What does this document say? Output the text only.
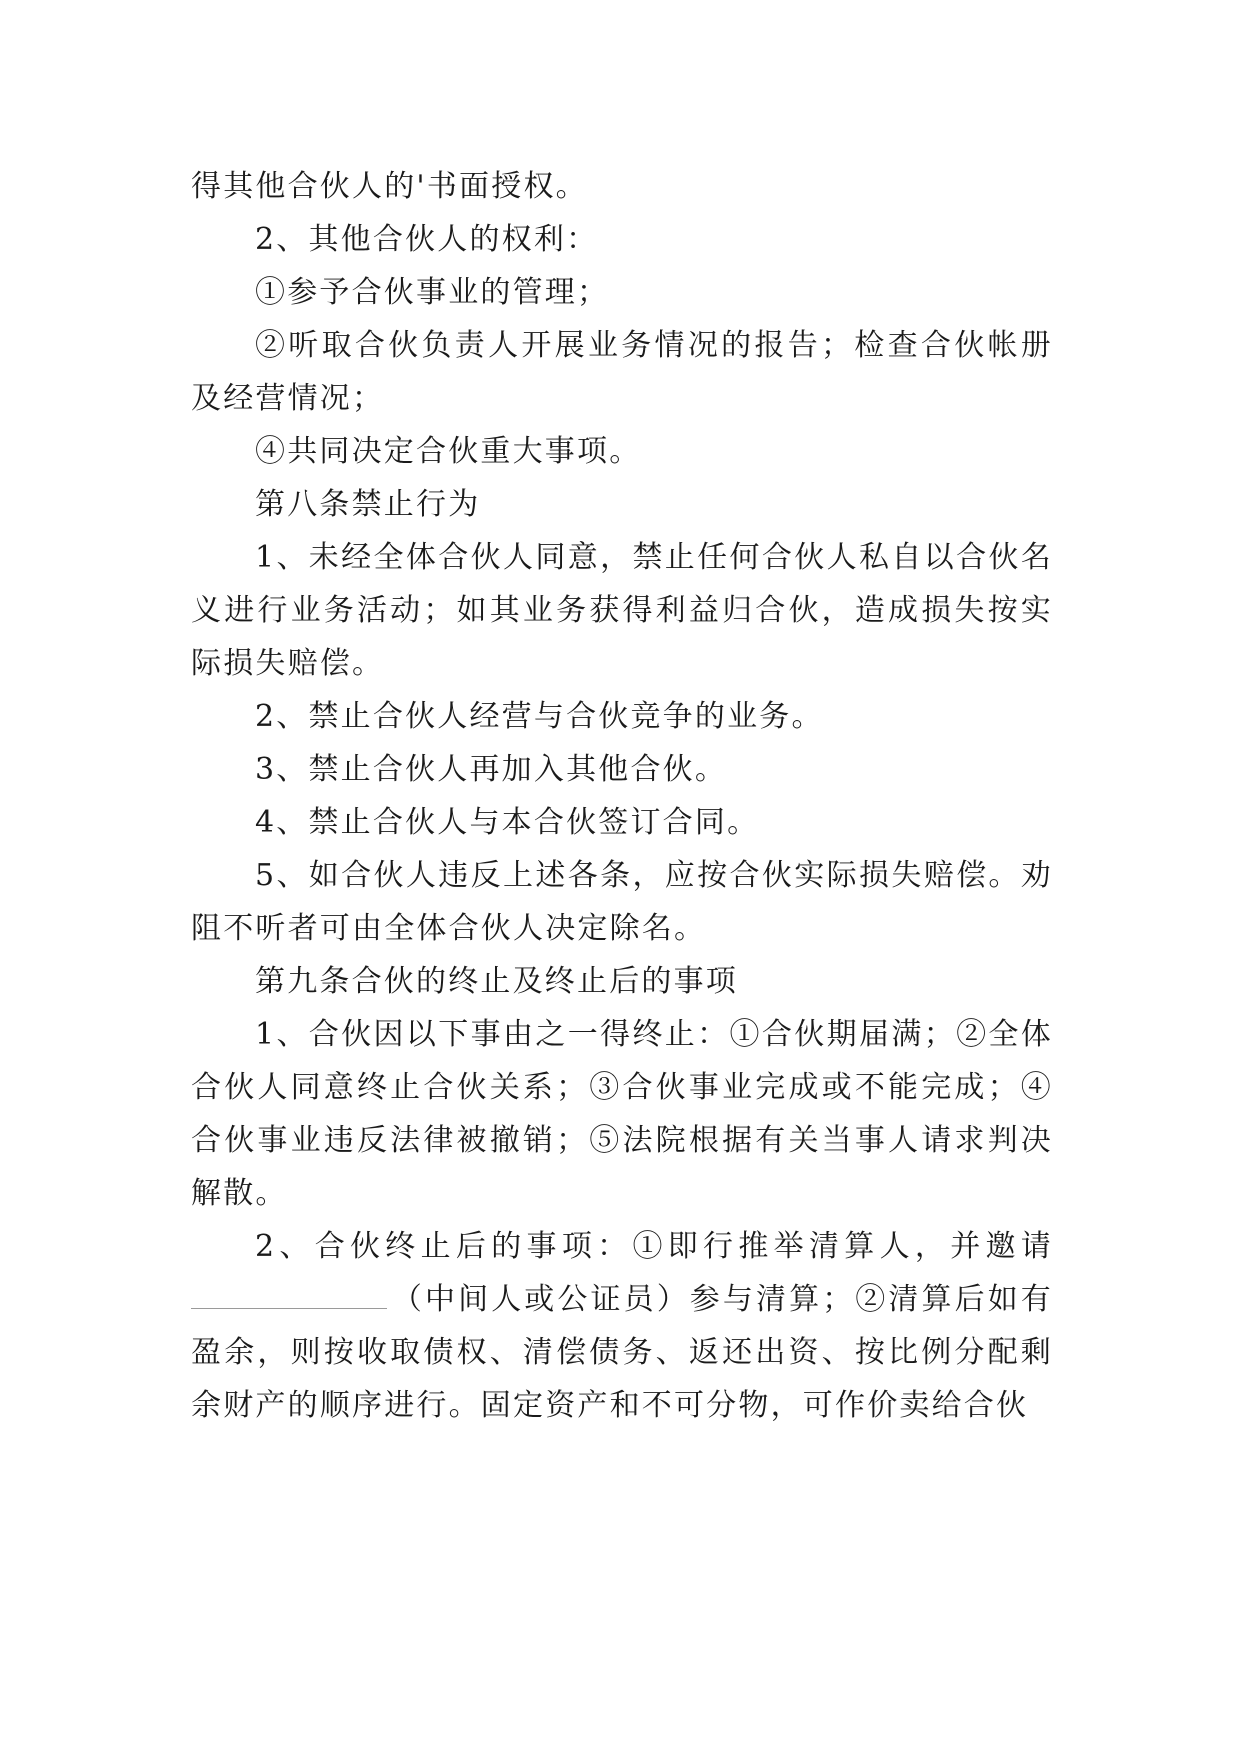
得其他合伙人的'书面授权。

2、其他合伙人的权利：

①参予合伙事业的管理；

②听取合伙负责人开展业务情况的报告；检查合伙帐册及经营情况；

④共同决定合伙重大事项。

第八条禁止行为

1、未经全体合伙人同意，禁止任何合伙人私自以合伙名义进行业务活动；如其业务获得利益归合伙，造成损失按实际损失赔偿。

2、禁止合伙人经营与合伙竞争的业务。

3、禁止合伙人再加入其他合伙。

4、禁止合伙人与本合伙签订合同。

5、如合伙人违反上述各条，应按合伙实际损失赔偿。劝阻不听者可由全体合伙人决定除名。

第九条合伙的终止及终止后的事项

1、合伙因以下事由之一得终止：①合伙期届满；②全体合伙人同意终止合伙关系；③合伙事业完成或不能完成；④合伙事业违反法律被撤销；⑤法院根据有关当事人请求判决解散。

2、合伙终止后的事项：①即行推举清算人，并邀请（中间人或公证员）参与清算；②清算后如有盈余，则按收取债权、清偿债务、返还出资、按比例分配剩余财产的顺序进行。固定资产和不可分物，可作价卖给合伙
